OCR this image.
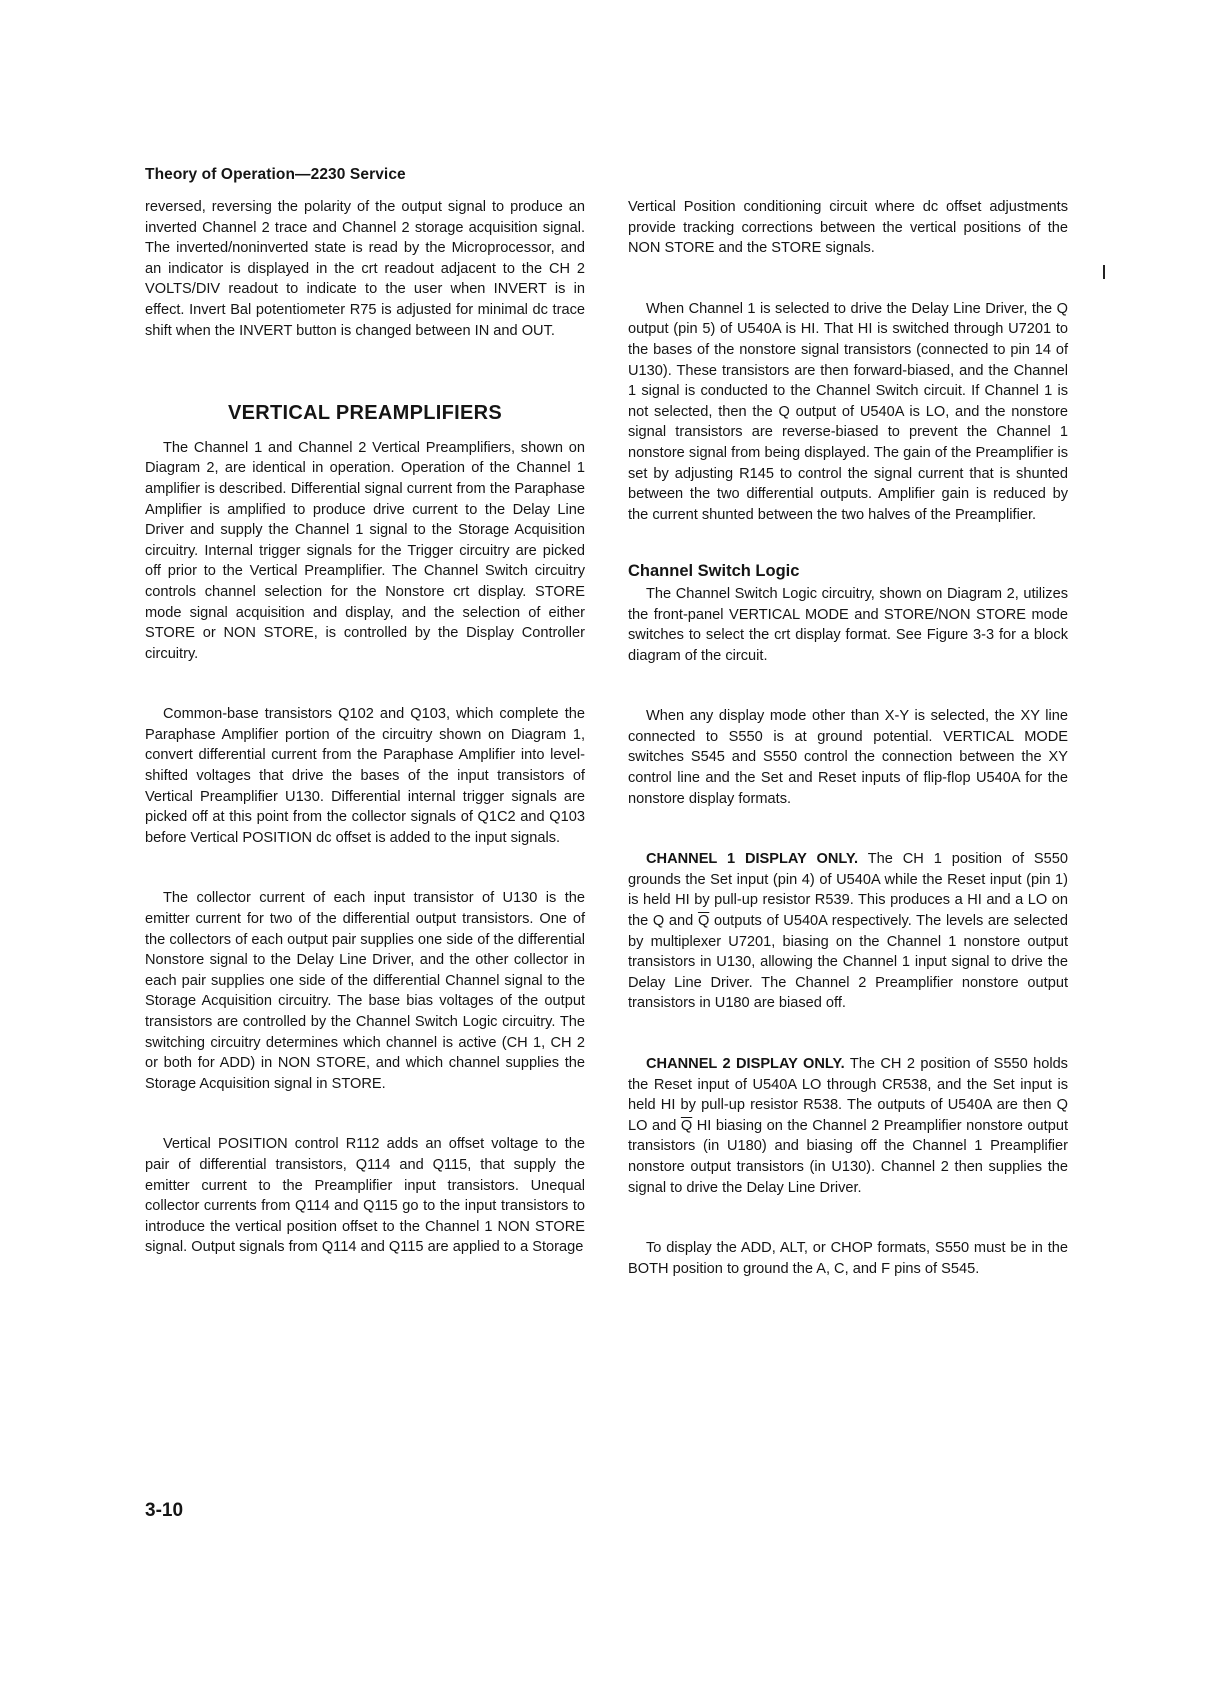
Theory of Operation—2230 Service

reversed, reversing the polarity of the output signal to produce an inverted Channel 2 trace and Channel 2 storage acquisition signal. The inverted/noninverted state is read by the Microprocessor, and an indicator is displayed in the crt readout adjacent to the CH 2 VOLTS/DIV readout to indicate to the user when INVERT is in effect. Invert Bal potentiometer R75 is adjusted for minimal dc trace shift when the INVERT button is changed between IN and OUT.

VERTICAL PREAMPLIFIERS

The Channel 1 and Channel 2 Vertical Preamplifiers, shown on Diagram 2, are identical in operation. Operation of the Channel 1 amplifier is described. Differential signal current from the Paraphase Amplifier is amplified to produce drive current to the Delay Line Driver and supply the Channel 1 signal to the Storage Acquisition circuitry. Internal trigger signals for the Trigger circuitry are picked off prior to the Vertical Preamplifier. The Channel Switch circuitry controls channel selection for the Nonstore crt display. STORE mode signal acquisition and display, and the selection of either STORE or NON STORE, is controlled by the Display Controller circuitry.

Common-base transistors Q102 and Q103, which complete the Paraphase Amplifier portion of the circuitry shown on Diagram 1, convert differential current from the Paraphase Amplifier into level-shifted voltages that drive the bases of the input transistors of Vertical Preamplifier U130. Differential internal trigger signals are picked off at this point from the collector signals of Q1C2 and Q103 before Vertical POSITION dc offset is added to the input signals.

The collector current of each input transistor of U130 is the emitter current for two of the differential output transistors. One of the collectors of each output pair supplies one side of the differential Nonstore signal to the Delay Line Driver, and the other collector in each pair supplies one side of the differential Channel signal to the Storage Acquisition circuitry. The base bias voltages of the output transistors are controlled by the Channel Switch Logic circuitry. The switching circuitry determines which channel is active (CH 1, CH 2 or both for ADD) in NON STORE, and which channel supplies the Storage Acquisition signal in STORE.

Vertical POSITION control R112 adds an offset voltage to the pair of differential transistors, Q114 and Q115, that supply the emitter current to the Preamplifier input transistors. Unequal collector currents from Q114 and Q115 go to the input transistors to introduce the vertical position offset to the Channel 1 NON STORE signal. Output signals from Q114 and Q115 are applied to a Storage

Vertical Position conditioning circuit where dc offset adjustments provide tracking corrections between the vertical positions of the NON STORE and the STORE signals.

When Channel 1 is selected to drive the Delay Line Driver, the Q output (pin 5) of U540A is HI. That HI is switched through U7201 to the bases of the nonstore signal transistors (connected to pin 14 of U130). These transistors are then forward-biased, and the Channel 1 signal is conducted to the Channel Switch circuit. If Channel 1 is not selected, then the Q output of U540A is LO, and the nonstore signal transistors are reverse-biased to prevent the Channel 1 nonstore signal from being displayed. The gain of the Preamplifier is set by adjusting R145 to control the signal current that is shunted between the two differential outputs. Amplifier gain is reduced by the current shunted between the two halves of the Preamplifier.

Channel Switch Logic

The Channel Switch Logic circuitry, shown on Diagram 2, utilizes the front-panel VERTICAL MODE and STORE/NON STORE mode switches to select the crt display format. See Figure 3-3 for a block diagram of the circuit.

When any display mode other than X-Y is selected, the XY line connected to S550 is at ground potential. VERTICAL MODE switches S545 and S550 control the connection between the XY control line and the Set and Reset inputs of flip-flop U540A for the nonstore display formats.

CHANNEL 1 DISPLAY ONLY. The CH 1 position of S550 grounds the Set input (pin 4) of U540A while the Reset input (pin 1) is held HI by pull-up resistor R539. This produces a HI and a LO on the Q and $\overline{Q}$ outputs of U540A respectively. The levels are selected by multiplexer U7201, biasing on the Channel 1 nonstore output transistors in U130, allowing the Channel 1 input signal to drive the Delay Line Driver. The Channel 2 Preamplifier nonstore output transistors in U180 are biased off.

CHANNEL 2 DISPLAY ONLY. The CH 2 position of S550 holds the Reset input of U540A LO through CR538, and the Set input is held HI by pull-up resistor R538. The outputs of U540A are then Q LO and $\overline{Q}$ HI biasing on the Channel 2 Preamplifier nonstore output transistors (in U180) and biasing off the Channel 1 Preamplifier nonstore output transistors (in U130). Channel 2 then supplies the signal to drive the Delay Line Driver.

To display the ADD, ALT, or CHOP formats, S550 must be in the BOTH position to ground the A, C, and F pins of S545.

3-10
